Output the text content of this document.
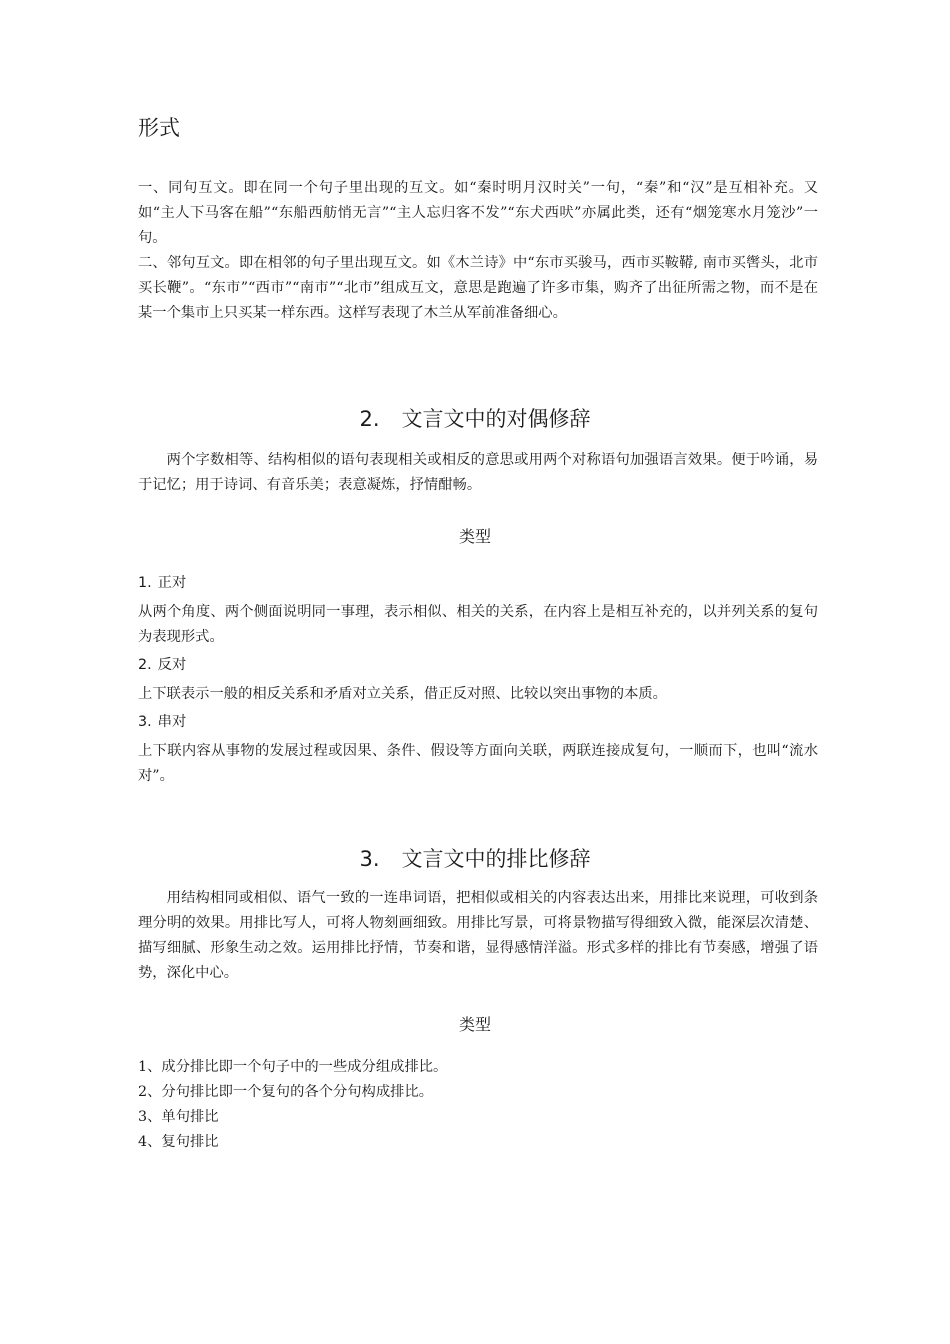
形式

一、同句互文。即在同一个句子里出现的互文。如“秦时明月汉时关”一句，“秦”和“汉”是互相补充。又如“主人下马客在船”“东船西舫悄无言”“主人忘归客不发”“东犬西吠”亦属此类，还有“烟笼寒水月笼沙”一句。

二、邻句互文。即在相邻的句子里出现互文。如《木兰诗》中“东市买骏马，西市买鞍鞯, 南市买辔头，北市买长鞭”。“东市”“西市”“南市”“北市”组成互文，意思是跑遍了许多市集，购齐了出征所需之物，而不是在某一个集市上只买某一样东西。这样写表现了木兰从军前准备细心。

2. 文言文中的对偶修辞

两个字数相等、结构相似的语句表现相关或相反的意思或用两个对称语句加强语言效果。便于吟诵，易于记忆；用于诗词、有音乐美；表意凝炼，抒情酣畅。

类型
1. 正对

从两个角度、两个侧面说明同一事理，表示相似、相关的关系，在内容上是相互补充的，以并列关系的复句为表现形式。

2. 反对

上下联表示一般的相反关系和矛盾对立关系，借正反对照、比较以突出事物的本质。

3. 串对

上下联内容从事物的发展过程或因果、条件、假设等方面向关联，两联连接成复句，一顺而下，也叫“流水对”。

3. 文言文中的排比修辞

用结构相同或相似、语气一致的一连串词语，把相似或相关的内容表达出来，用排比来说理，可收到条理分明的效果。用排比写人，可将人物刻画细致。用排比写景，可将景物描写得细致入微，能深层次清楚、描写细腻、形象生动之效。运用排比抒情，节奏和谐，显得感情洋溢。形式多样的排比有节奏感，增强了语势，深化中心。

类型
1、成分排比即一个句子中的一些成分组成排比。
2、分句排比即一个复句的各个分句构成排比。
3、单句排比
4、复句排比
